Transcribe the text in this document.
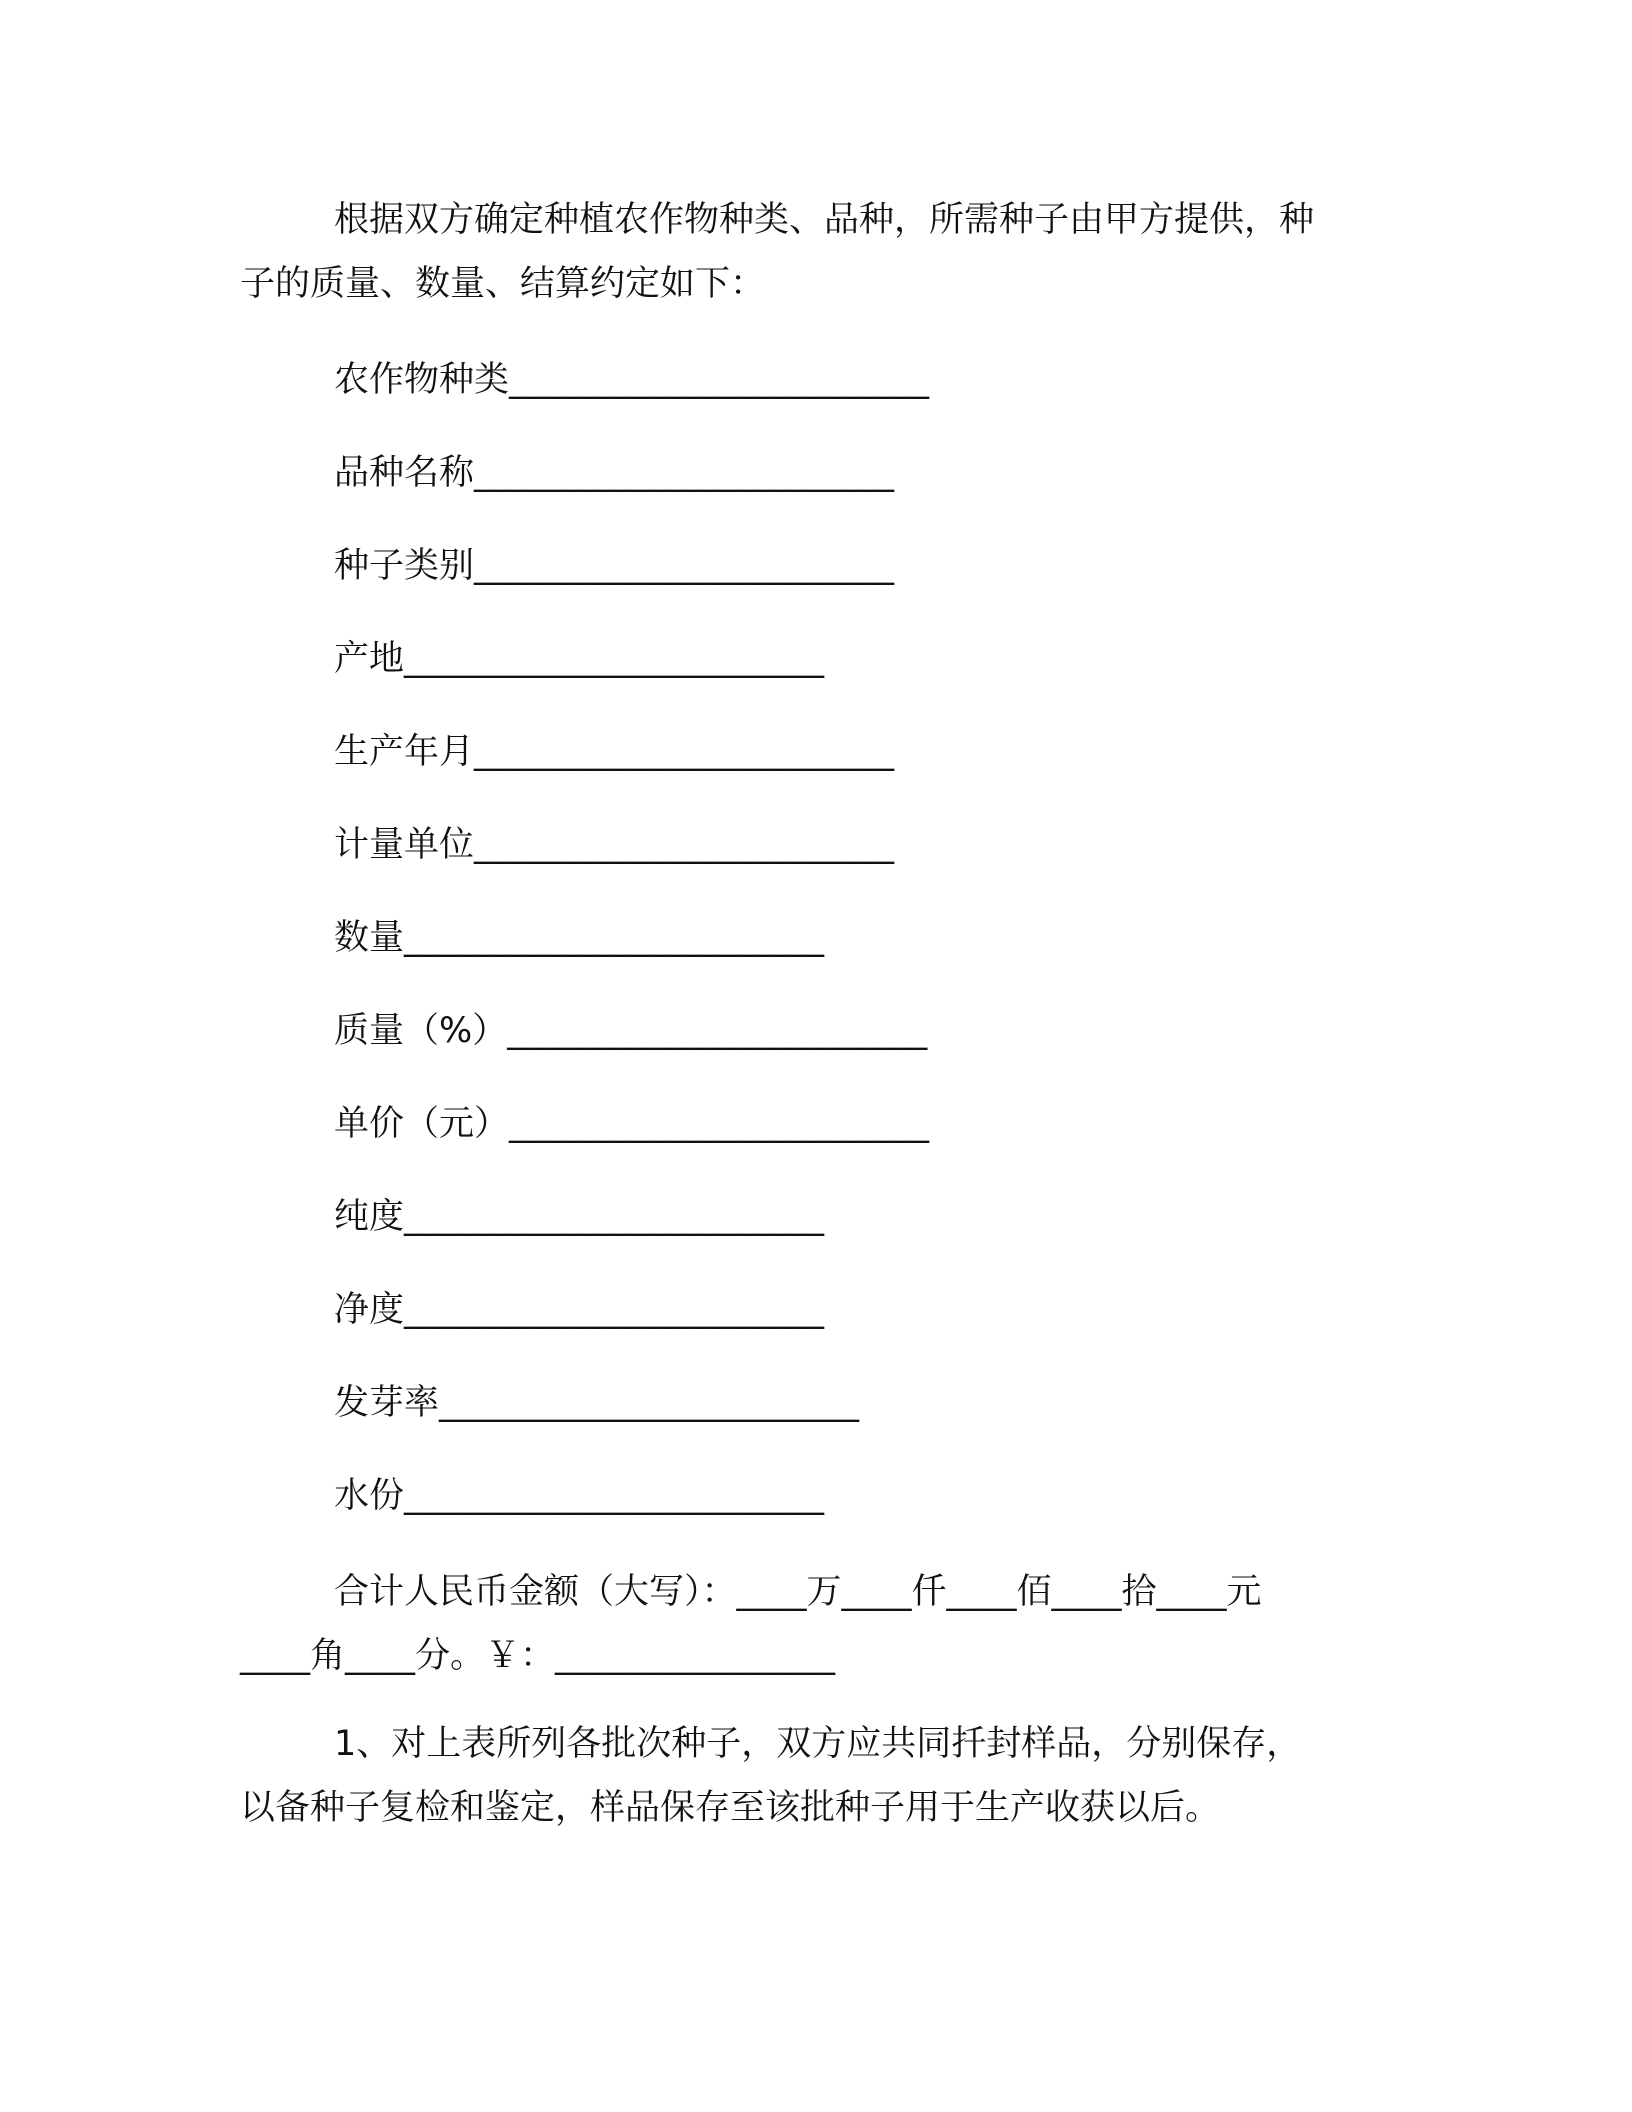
根据双方确定种植农作物种类、品种，所需种子由甲方提供，种
子的质量、数量、结算约定如下：
农作物种类________________________
品种名称________________________
种子类别________________________
产地________________________
生产年月________________________
计量单位________________________
数量________________________
质量（%）________________________
单价（元）________________________
纯度________________________
净度________________________
发芽率________________________
水份________________________
合计人民币金额（大写）：____万____仟____佰____拾____元
____角____分。￥：________________
1、对上表所列各批次种子，双方应共同扦封样品，分别保存，
以备种子复检和鉴定，样品保存至该批种子用于生产收获以后。
